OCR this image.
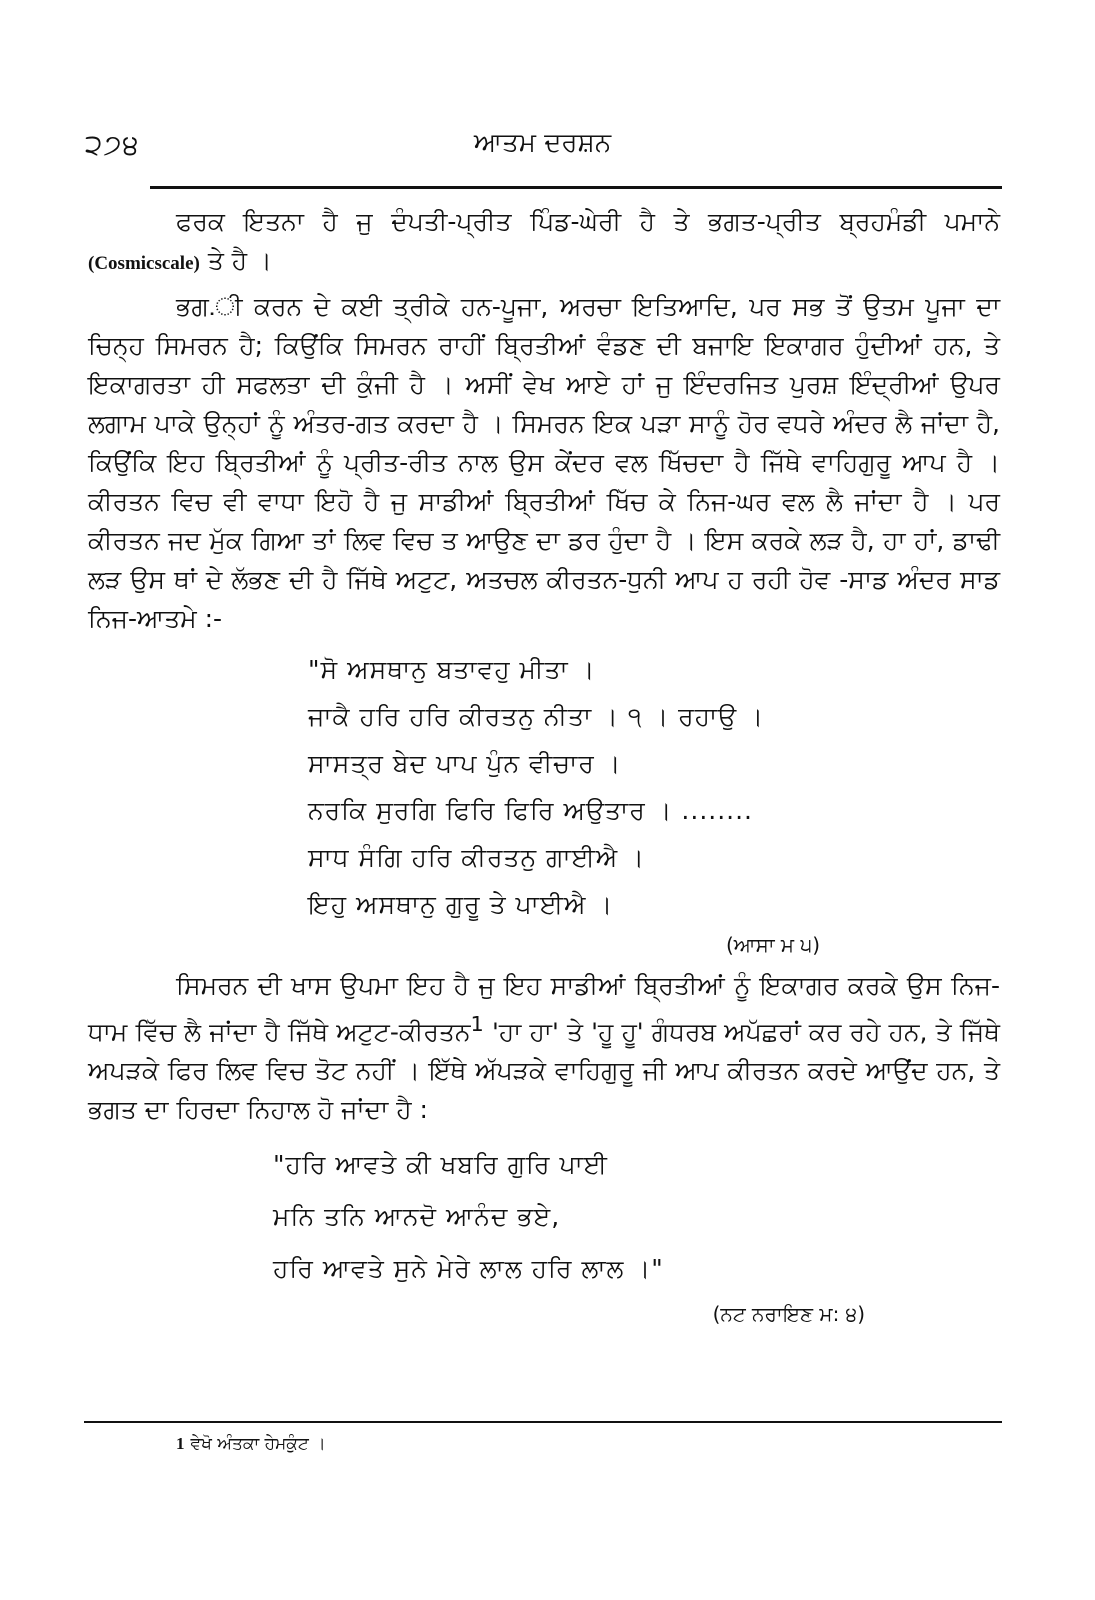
੨੭੪	ਆਤਮ ਦਰਸ਼ਨ

ਫਰਕ ਇਤਨਾ ਹੈ ਜੁ ਦੰਪਤੀ-ਪ੍ਰੀਤ ਪਿੰਡ-ਘੇਰੀ ਹੈ ਤੇ ਭਗਤ-ਪ੍ਰੀਤ ਬ੍ਰਹਮੰਡੀ ਪਮਾਨੇ (Cosmicscale) ਤੇ ਹੈ ।

ਭਗ.ੀ ਕਰਨ ਦੇ ਕਈ ਤ੍ਰੀਕੇ ਹਨ-ਪੂਜਾ, ਅਰਚਾ ਇਤਿਆਦਿ, ਪਰ ਸਭ ਤੋਂ ਉਤਮ ਪੂਜਾ ਦਾ ਚਿਨ੍ਹ ਸਿਮਰਨ ਹੈ; ਕਿਉਂਕਿ ਸਿਮਰਨ ਰਾਹੀਂ ਬ੍ਰਿਤੀਆਂ ਵੰਡਣ ਦੀ ਬਜਾਇ ਇਕਾਗਰ ਹੁੰਦੀਆਂ ਹਨ, ਤੇ ਇਕਾਗਰਤਾ ਹੀ ਸਫਲਤਾ ਦੀ ਕੁੰਜੀ ਹੈ । ਅਸੀਂ ਵੇਖ ਆਏ ਹਾਂ ਜੁ ਇੰਦਰਜਿਤ ਪੁਰਸ਼ ਇੰਦ੍ਰੀਆਂ ਉਪਰ ਲਗਾਮ ਪਾਕੇ ਉਨ੍ਹਾਂ ਨੂੰ ਅੰਤਰ-ਗਤ ਕਰਦਾ ਹੈ । ਸਿਮਰਨ ਇਕ ਪੜਾ ਸਾਨੂੰ ਹੋਰ ਵਧਰੇ ਅੰਦਰ ਲੈ ਜਾਂਦਾ ਹੈ, ਕਿਉਂਕਿ ਇਹ ਬ੍ਰਿਤੀਆਂ ਨੂੰ ਪ੍ਰੀਤ-ਰੀਤ ਨਾਲ ਉਸ ਕੇਂਦਰ ਵਲ ਖਿੱਚਦਾ ਹੈ ਜਿੱਥੇ ਵਾਹਿਗੁਰੂ ਆਪ ਹੈ । ਕੀਰਤਨ ਵਿਚ ਵੀ ਵਾਧਾ ਇਹੋ ਹੈ ਜੁ ਸਾਡੀਆਂ ਬ੍ਰਿਤੀਆਂ ਖਿੱਚ ਕੇ ਨਿਜ-ਘਰ ਵਲ ਲੈ ਜਾਂਦਾ ਹੈ । ਪਰ ਕੀਰਤਨ ਜਦ ਮੁੱਕ ਗਿਆ ਤਾਂ ਲਿਵ ਵਿਚ ਤ ਆਉਣ ਦਾ ਡਰ ਹੁੰਦਾ ਹੈ । ਇਸ ਕਰਕੇ ਲੜ ਹੈ, ਹਾ ਹਾਂ, ਡਾਢੀ ਲੜ ਉਸ ਥਾਂ ਦੇ ਲੱਭਣ ਦੀ ਹੈ ਜਿੱਥੇ ਅਟੁਟ, ਅਤਚਲ ਕੀਰਤਨ-ਧੁਨੀ ਆਪ ਹ ਰਹੀ ਹੋਵ -ਸਾਡ ਅੰਦਰ ਸਾਡ ਨਿਜ-ਆਤਮੇ :-

"ਸੋ ਅਸਥਾਨੁ ਬਤਾਵਹੁ ਮੀਤਾ ।
ਜਾਕੈ ਹਰਿ ਹਰਿ ਕੀਰਤਨੁ ਨੀਤਾ । ੧ । ਰਹਾਉ ।
ਸਾਸਤ੍ਰ ਬੇਦ ਪਾਪ ਪੁੰਨ ਵੀਚਾਰ ।
ਨਰਕਿ ਸੁਰਗਿ ਫਿਰਿ ਫਿਰਿ ਅਉਤਾਰ । ........
ਸਾਧ ਸੰਗਿ ਹਰਿ ਕੀਰਤਨੁ ਗਾਈਐ ।
ਇਹੁ ਅਸਥਾਨੁ ਗੁਰੂ ਤੇ ਪਾਈਐ ।
(ਆਸਾ ਮ ੫)

ਸਿਮਰਨ ਦੀ ਖਾਸ ਉਪਮਾ ਇਹ ਹੈ ਜੁ ਇਹ ਸਾਡੀਆਂ ਬ੍ਰਿਤੀਆਂ ਨੂੰ ਇਕਾਗਰ ਕਰਕੇ ਉਸ ਨਿਜ-ਧਾਮ ਵਿੱਚ ਲੈ ਜਾਂਦਾ ਹੈ ਜਿੱਥੇ ਅਟੁਟ-ਕੀਰਤਨ$^1$ 'ਹਾ ਹਾ' ਤੇ 'ਹੂ ਹੂ' ਗੰਧਰਬ ਅਪੱਛਰਾਂ ਕਰ ਰਹੇ ਹਨ, ਤੇ ਜਿੱਥੇ ਅਪੜਕੇ ਫਿਰ ਲਿਵ ਵਿਚ ਤੋਟ ਨਹੀਂ । ਇੱਥੇ ਅੱਪੜਕੇ ਵਾਹਿਗੁਰੂ ਜੀ ਆਪ ਕੀਰਤਨ ਕਰਦੇ ਆਉਂਦ ਹਨ, ਤੇ ਭਗਤ ਦਾ ਹਿਰਦਾ ਨਿਹਾਲ ਹੋ ਜਾਂਦਾ ਹੈ :

"ਹਰਿ ਆਵਤੇ ਕੀ ਖਬਰਿ ਗੁਰਿ ਪਾਈ
ਮਨਿ ਤਨਿ ਆਨਦੋ ਆਨੰਦ ਭਏ,
ਹਰਿ ਆਵਤੇ ਸੁਨੇ ਮੇਰੇ ਲਾਲ ਹਰਿ ਲਾਲ ।"
(ਨਟ ਨਰਾਇਣ ਮ: ੪)
1 ਵੇਖੋ ਅੰਤਕਾ ਹੇਮਕੁੰਟ ।
